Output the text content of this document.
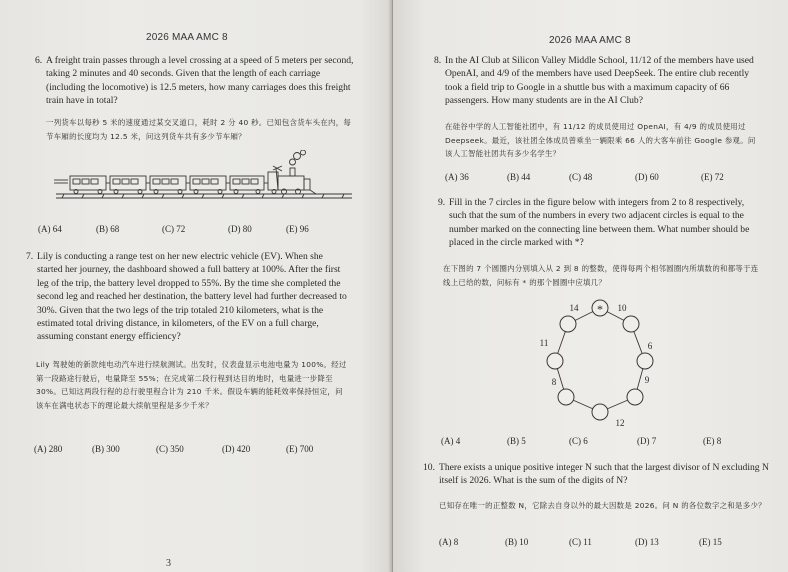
2026 MAA AMC 8
6. A freight train passes through a level crossing at a speed of 5 meters per second, taking 2 minutes and 40 seconds. Given that the length of each carriage (including the locomotive) is 12.5 meters, how many carriages does this freight train have in total?
一列货车以每秒 5 米的速度通过某交叉道口，耗时 2 分 40 秒。已知包含货车头在内，每节车厢的长度均为 12.5 米，问这列货车共有多少节车厢？
(A) 64	(B) 68	(C) 72	(D) 80	(E) 96
7. Lily is conducting a range test on her new electric vehicle (EV). When she started her journey, the dashboard showed a full battery at 100%. After the first leg of the trip, the battery level dropped to 55%. By the time she completed the second leg and reached her destination, the battery level had further decreased to 30%. Given that the two legs of the trip totaled 210 kilometers, what is the estimated total driving distance, in kilometers, of the EV on a full charge, assuming constant energy efficiency?
Lily 驾驶她的新款纯电动汽车进行续航测试。出发时，仪表盘显示电池电量为 100%。经过第一段路途行驶后，电量降至 55%；在完成第二段行程到达目的地时，电量进一步降至 30%。已知这两段行程的总行驶里程合计为 210 千米。假设车辆的能耗效率保持恒定，问该车在满电状态下的理论最大续航里程是多少千米？
(A) 280	(B) 300	(C) 350	(D) 420	(E) 700
3
2026 MAA AMC 8
8. In the AI Club at Silicon Valley Middle School, 11/12 of the members have used OpenAI, and 4/9 of the members have used DeepSeek. The entire club recently took a field trip to Google in a shuttle bus with a maximum capacity of 66 passengers. How many students are in the AI Club?
在硅谷中学的人工智能社团中，有 11/12 的成员使用过 OpenAI，有 4/9 的成员使用过 Deepseek。最近，该社团全体成员曾乘坐一辆限乘 66 人的大客车前往 Google 参观。问该人工智能社团共有多少名学生？
(A) 36	(B) 44	(C) 48	(D) 60	(E) 72
9. Fill in the 7 circles in the figure below with integers from 2 to 8 respectively, such that the sum of the numbers in every two adjacent circles is equal to the number marked on the connecting line between them. What number should be placed in the circle marked with *?
在下图的 7 个圆圈内分别填入从 2 到 8 的整数，使得每两个相邻圆圈内所填数的和都等于连线上已给的数，问标有 * 的那个圆圈中应填几？
*
14	10
6
9
12
8
11
(A) 4	(B) 5	(C) 6	(D) 7	(E) 8
10. There exists a unique positive integer N such that the largest divisor of N excluding N itself is 2026. What is the sum of the digits of N?
已知存在唯一的正整数 N，它除去自身以外的最大因数是 2026。问 N 的各位数字之和是多少？
(A) 8	(B) 10	(C) 11	(D) 13	(E) 15
